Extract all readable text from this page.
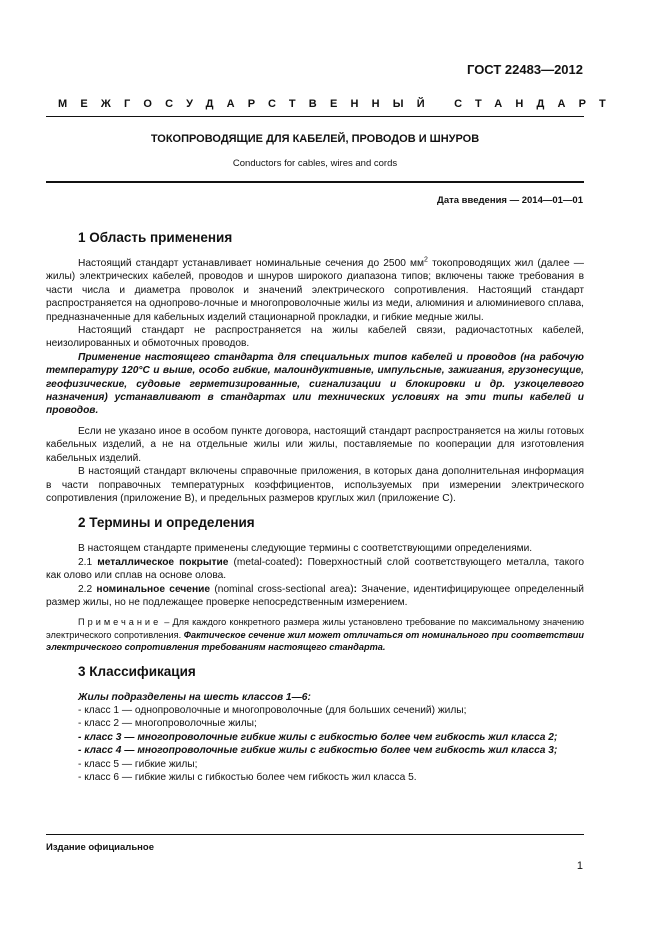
ГОСТ 22483—2012
МЕЖГОСУДАРСТВЕННЫЙ СТАНДАРТ
ТОКОПРОВОДЯЩИЕ ДЛЯ КАБЕЛЕЙ, ПРОВОДОВ И ШНУРОВ
Conductors for cables, wires and cords
Дата введения — 2014—01—01
1 Область применения

Настоящий стандарт устанавливает номинальные сечения до 2500 $мм^2$ токопроводящих жил (далее — жилы) электрических кабелей, проводов и шнуров широкого диапазона типов; включены также требования в части числа и диаметра проволок и значений электрического сопротивления. Настоящий стандарт распространяется на однопрово-лочные и многопроволочные жилы из меди, алюминия и алюминиевого сплава, предназначенные для кабельных изделий стационарной прокладки, и гибкие медные жилы.

Настоящий стандарт не распространяется на жилы кабелей связи, радиочастотных кабелей, неизолированных и обмоточных проводов.

Применение настоящего стандарта для специальных типов кабелей и проводов (на рабочую температуру 120°С и выше, особо гибкие, малоиндуктивные, импульсные, зажигания, грузонесущие, геофизические, судовые герметизированные, сигнализации и блокировки и др. узкоцелевого назначения) устанавливают в стандартах или технических условиях на эти типы кабелей и проводов.

Если не указано иное в особом пункте договора, настоящий стандарт распространяется на жилы готовых кабельных изделий, а не на отдельные жилы или жилы, поставляемые по кооперации для изготовления кабельных изделий.

В настоящий стандарт включены справочные приложения, в которых дана дополнительная информация в части поправочных температурных коэффициентов, используемых при измерении электрического сопротивления (приложение В), и предельных размеров круглых жил (приложение С).

2 Термины и определения

В настоящем стандарте применены следующие термины с соответствующими определениями.

2.1 металлическое покрытие (metal-coated): Поверхностный слой соответствующего металла, такого как олово или сплав на основе олова.

2.2 номинальное сечение (nominal cross-sectional area): Значение, идентифицирующее определенный размер жилы, но не подлежащее проверке непосредственным измерением.

Примечание – Для каждого конкретного размера жилы установлено требование по максимальному значению электрического сопротивления. Фактическое сечение жил может отличаться от номинального при соответствии электрического сопротивления требованиям настоящего стандарта.

3 Классификация

Жилы подразделены на шесть классов 1—6:

- класс 1 — однопроволочные и многопроволочные (для больших сечений) жилы;

- класс 2 — многопроволочные жилы;

- класс 3 — многопроволочные гибкие жилы с гибкостью более чем гибкость жил класса 2;

- класс 4 — многопроволочные гибкие жилы с гибкостью более чем гибкость жил класса 3;

- класс 5 — гибкие жилы;

- класс 6 — гибкие жилы с гибкостью более чем гибкость жил класса 5.

Издание официальное
1
